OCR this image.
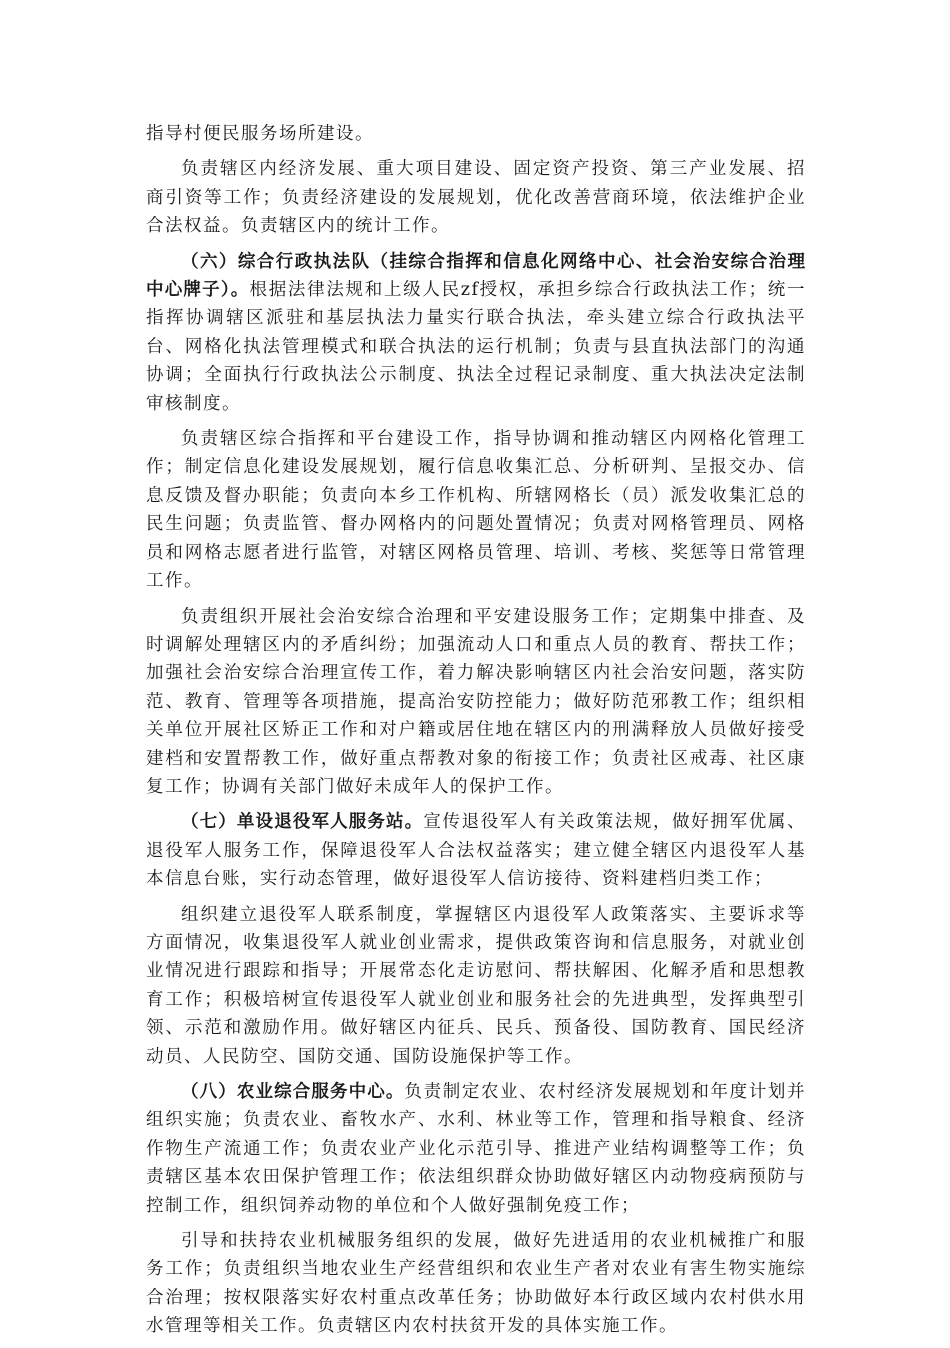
指导村便民服务场所建设。

负责辖区内经济发展、重大项目建设、固定资产投资、第三产业发展、招商引资等工作；负责经济建设的发展规划，优化改善营商环境，依法维护企业合法权益。负责辖区内的统计工作。

（六）综合行政执法队（挂综合指挥和信息化网络中心、社会治安综合治理中心牌子）。根据法律法规和上级人民zf授权，承担乡综合行政执法工作；统一指挥协调辖区派驻和基层执法力量实行联合执法，牵头建立综合行政执法平台、网格化执法管理模式和联合执法的运行机制；负责与县直执法部门的沟通协调；全面执行行政执法公示制度、执法全过程记录制度、重大执法决定法制审核制度。

负责辖区综合指挥和平台建设工作，指导协调和推动辖区内网格化管理工作；制定信息化建设发展规划，履行信息收集汇总、分析研判、呈报交办、信息反馈及督办职能；负责向本乡工作机构、所辖网格长（员）派发收集汇总的民生问题；负责监管、督办网格内的问题处置情况；负责对网格管理员、网格员和网格志愿者进行监管，对辖区网格员管理、培训、考核、奖惩等日常管理工作。

负责组织开展社会治安综合治理和平安建设服务工作；定期集中排查、及时调解处理辖区内的矛盾纠纷；加强流动人口和重点人员的教育、帮扶工作；加强社会治安综合治理宣传工作，着力解决影响辖区内社会治安问题，落实防范、教育、管理等各项措施，提高治安防控能力；做好防范邪教工作；组织相关单位开展社区矫正工作和对户籍或居住地在辖区内的刑满释放人员做好接受建档和安置帮教工作，做好重点帮教对象的衔接工作；负责社区戒毒、社区康复工作；协调有关部门做好未成年人的保护工作。

（七）单设退役军人服务站。宣传退役军人有关政策法规，做好拥军优属、退役军人服务工作，保障退役军人合法权益落实；建立健全辖区内退役军人基本信息台账，实行动态管理，做好退役军人信访接待、资料建档归类工作；

组织建立退役军人联系制度，掌握辖区内退役军人政策落实、主要诉求等方面情况，收集退役军人就业创业需求，提供政策咨询和信息服务，对就业创业情况进行跟踪和指导；开展常态化走访慰问、帮扶解困、化解矛盾和思想教育工作；积极培树宣传退役军人就业创业和服务社会的先进典型，发挥典型引领、示范和激励作用。做好辖区内征兵、民兵、预备役、国防教育、国民经济动员、人民防空、国防交通、国防设施保护等工作。

（八）农业综合服务中心。负责制定农业、农村经济发展规划和年度计划并组织实施；负责农业、畜牧水产、水利、林业等工作，管理和指导粮食、经济作物生产流通工作；负责农业产业化示范引导、推进产业结构调整等工作；负责辖区基本农田保护管理工作；依法组织群众协助做好辖区内动物疫病预防与控制工作，组织饲养动物的单位和个人做好强制免疫工作；

引导和扶持农业机械服务组织的发展，做好先进适用的农业机械推广和服务工作；负责组织当地农业生产经营组织和农业生产者对农业有害生物实施综合治理；按权限落实好农村重点改革任务；协助做好本行政区域内农村供水用水管理等相关工作。负责辖区内农村扶贫开发的具体实施工作。
